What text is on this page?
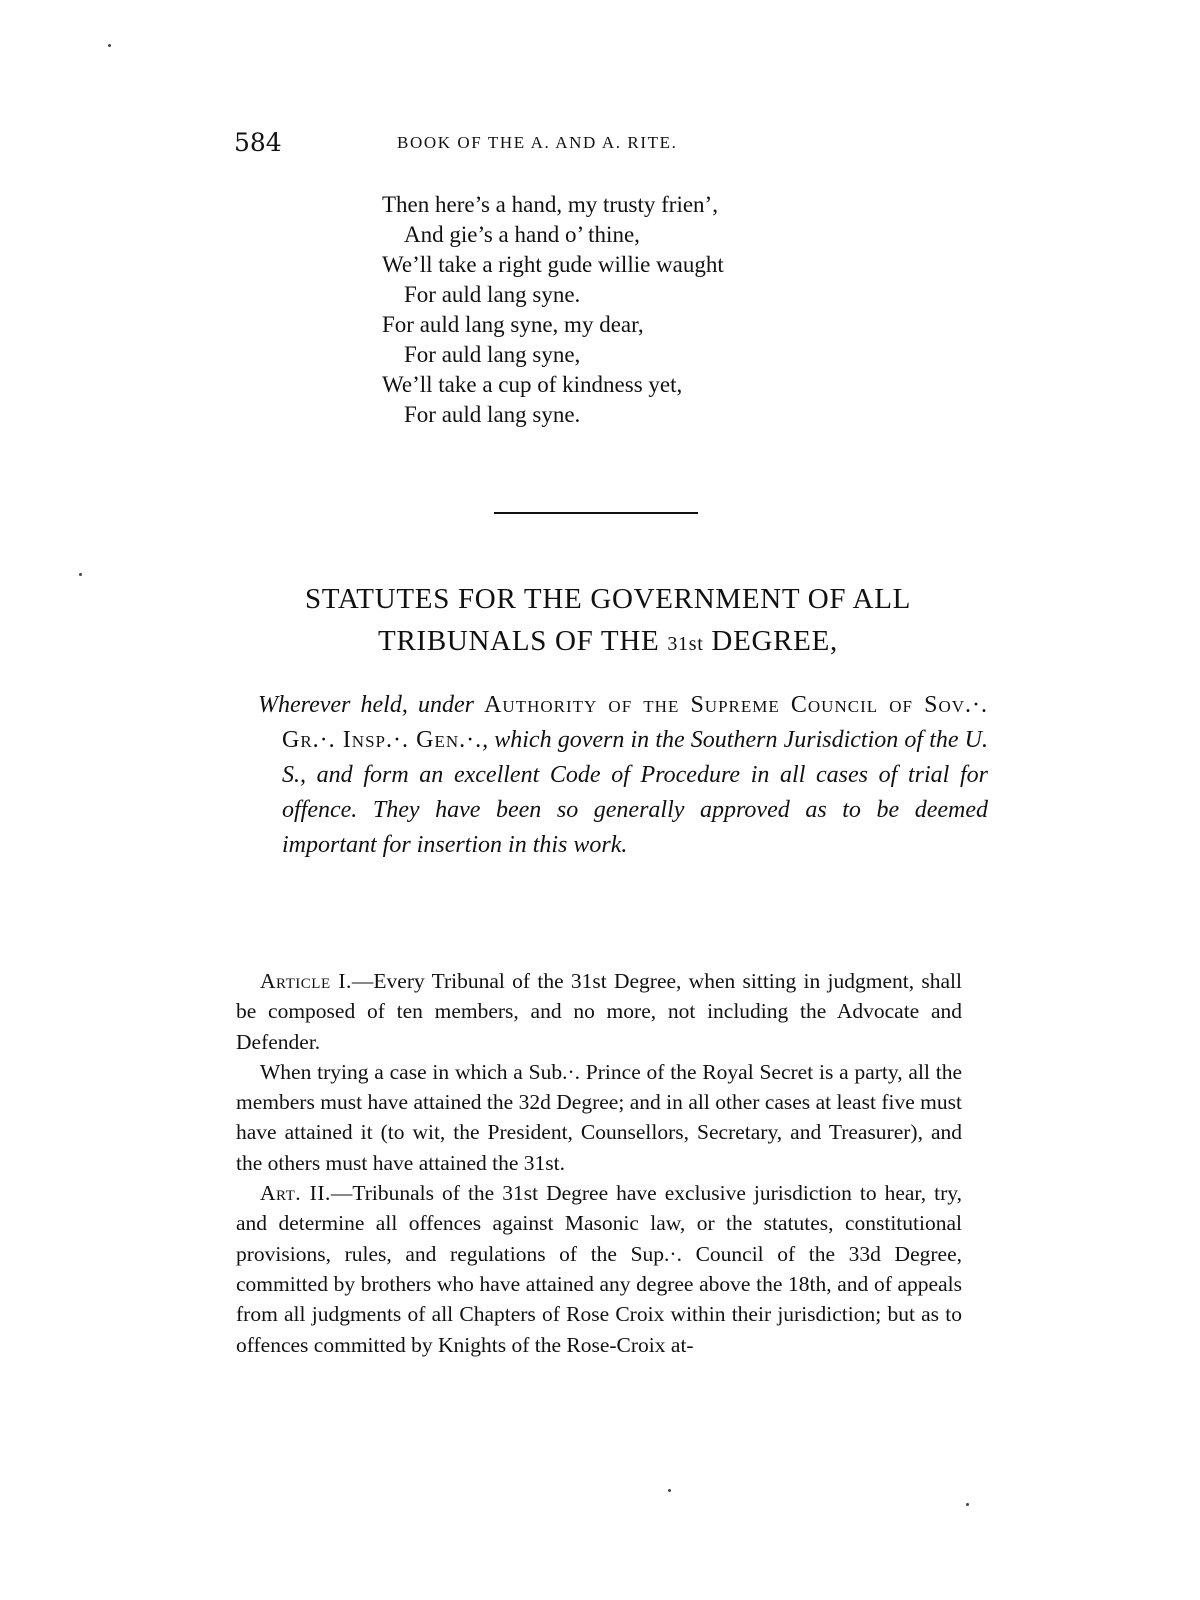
584	BOOK OF THE A. AND A. RITE.
Then here’s a hand, my trusty frien’,
And gie’s a hand o’ thine,
We’ll take a right gude willie waught
For auld lang syne.
For auld lang syne, my dear,
For auld lang syne,
We’ll take a cup of kindness yet,
For auld lang syne.
STATUTES FOR THE GOVERNMENT OF ALL
TRIBUNALS OF THE 31st DEGREE,
Wherever held, under Authority of the Supreme Council of Sov.·. Gr.·. Insp.·. Gen.·., which govern in the Southern Jurisdiction of the U. S., and form an excellent Code of Procedure in all cases of trial for offence. They have been so generally approved as to be deemed important for insertion in this work.

Article I.—Every Tribunal of the 31st Degree, when sitting in judgment, shall be composed of ten members, and no more, not including the Advocate and Defender.

When trying a case in which a Sub.·. Prince of the Royal Secret is a party, all the members must have attained the 32d Degree; and in all other cases at least five must have attained it (to wit, the President, Counsellors, Secretary, and Treasurer), and the others must have attained the 31st.

Art. II.—Tribunals of the 31st Degree have exclusive jurisdiction to hear, try, and determine all offences against Masonic law, or the statutes, constitutional provisions, rules, and regulations of the Sup.·. Council of the 33d Degree, committed by brothers who have attained any degree above the 18th, and of appeals from all judgments of all Chapters of Rose Croix within their jurisdiction; but as to offences committed by Knights of the Rose-Croix at-
